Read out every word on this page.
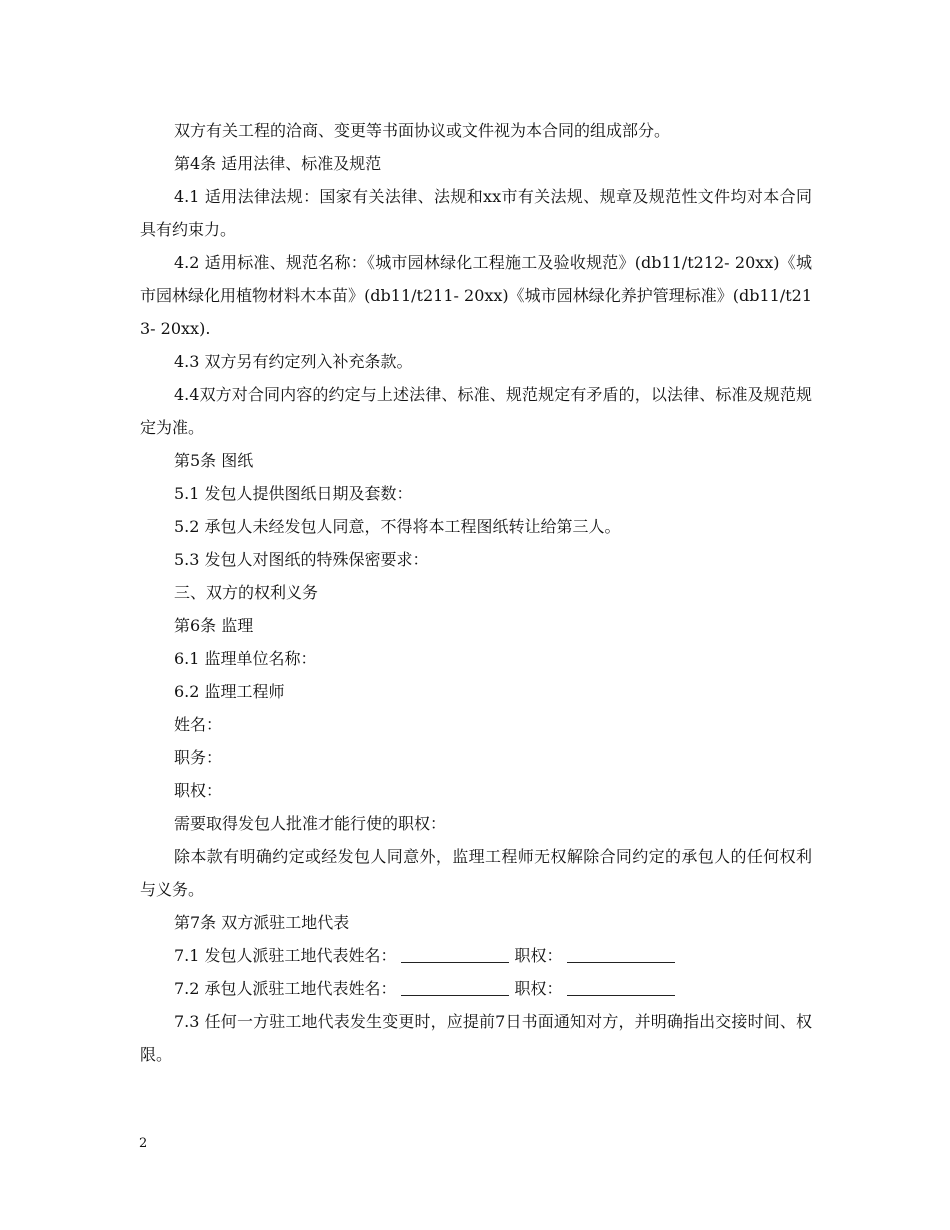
双方有关工程的洽商、变更等书面协议或文件视为本合同的组成部分。

第4条 适用法律、标准及规范

4.1 适用法律法规：国家有关法律、法规和xx市有关法规、规章及规范性文件均对本合同具有约束力。

4.2 适用标准、规范名称：《城市园林绿化工程施工及验收规范》(db11/t212- 20xx)《城市园林绿化用植物材料木本苗》(db11/t211- 20xx)《城市园林绿化养护管理标准》(db11/t213- 20xx).

4.3 双方另有约定列入补充条款。

4.4双方对合同内容的约定与上述法律、标准、规范规定有矛盾的，以法律、标准及规范规定为准。

第5条 图纸

5.1 发包人提供图纸日期及套数：

5.2 承包人未经发包人同意，不得将本工程图纸转让给第三人。

5.3 发包人对图纸的特殊保密要求：

三、双方的权利义务

第6条 监理

6.1 监理单位名称：

6.2 监理工程师

姓名：

职务：

职权：

需要取得发包人批准才能行使的职权：

除本款有明确约定或经发包人同意外，监理工程师无权解除合同约定的承包人的任何权利与义务。

第7条 双方派驻工地代表

7.1 发包人派驻工地代表姓名：	职权：

7.2 承包人派驻工地代表姓名：	职权：

7.3 任何一方驻工地代表发生变更时，应提前7日书面通知对方，并明确指出交接时间、权限。

2
